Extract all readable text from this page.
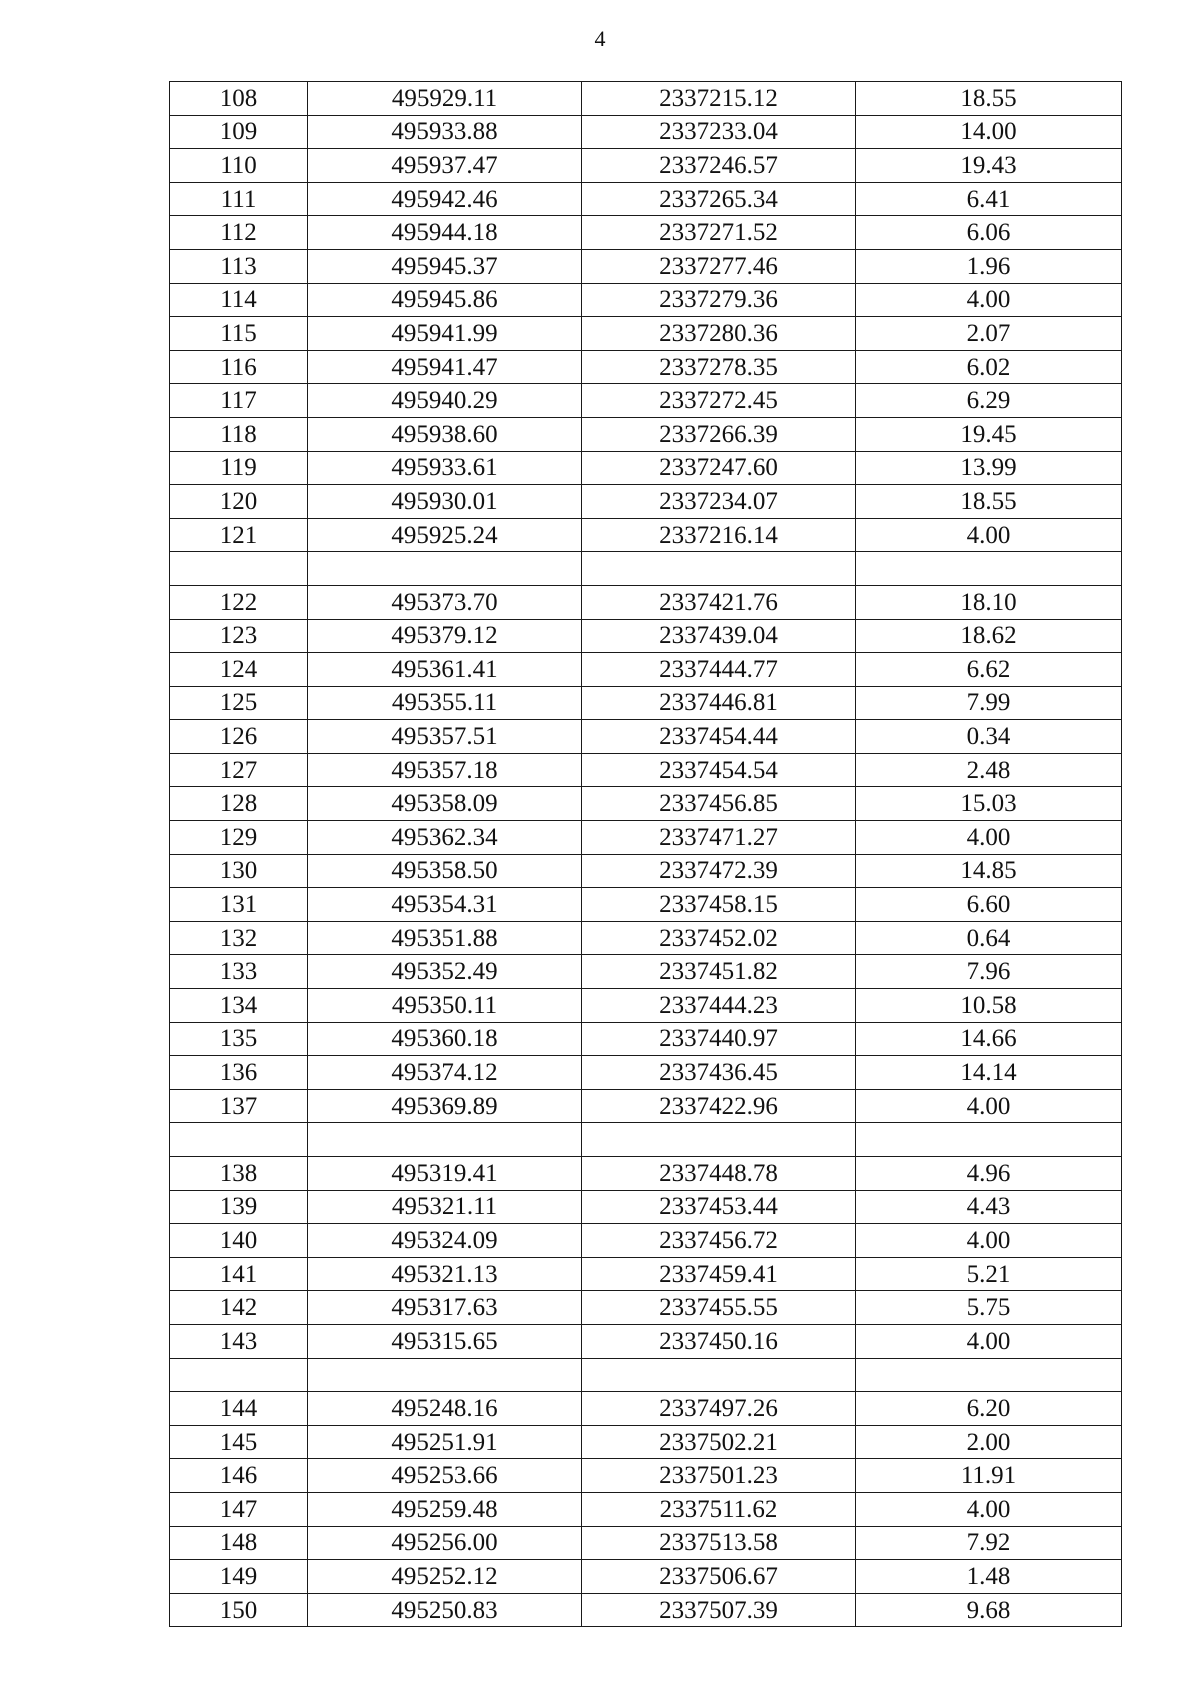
4
108	495929.11	2337215.12	18.55
109	495933.88	2337233.04	14.00
110	495937.47	2337246.57	19.43
111	495942.46	2337265.34	6.41
112	495944.18	2337271.52	6.06
113	495945.37	2337277.46	1.96
114	495945.86	2337279.36	4.00
115	495941.99	2337280.36	2.07
116	495941.47	2337278.35	6.02
117	495940.29	2337272.45	6.29
118	495938.60	2337266.39	19.45
119	495933.61	2337247.60	13.99
120	495930.01	2337234.07	18.55
121	495925.24	2337216.14	4.00

122	495373.70	2337421.76	18.10
123	495379.12	2337439.04	18.62
124	495361.41	2337444.77	6.62
125	495355.11	2337446.81	7.99
126	495357.51	2337454.44	0.34
127	495357.18	2337454.54	2.48
128	495358.09	2337456.85	15.03
129	495362.34	2337471.27	4.00
130	495358.50	2337472.39	14.85
131	495354.31	2337458.15	6.60
132	495351.88	2337452.02	0.64
133	495352.49	2337451.82	7.96
134	495350.11	2337444.23	10.58
135	495360.18	2337440.97	14.66
136	495374.12	2337436.45	14.14
137	495369.89	2337422.96	4.00

138	495319.41	2337448.78	4.96
139	495321.11	2337453.44	4.43
140	495324.09	2337456.72	4.00
141	495321.13	2337459.41	5.21
142	495317.63	2337455.55	5.75
143	495315.65	2337450.16	4.00

144	495248.16	2337497.26	6.20
145	495251.91	2337502.21	2.00
146	495253.66	2337501.23	11.91
147	495259.48	2337511.62	4.00
148	495256.00	2337513.58	7.92
149	495252.12	2337506.67	1.48
150	495250.83	2337507.39	9.68
